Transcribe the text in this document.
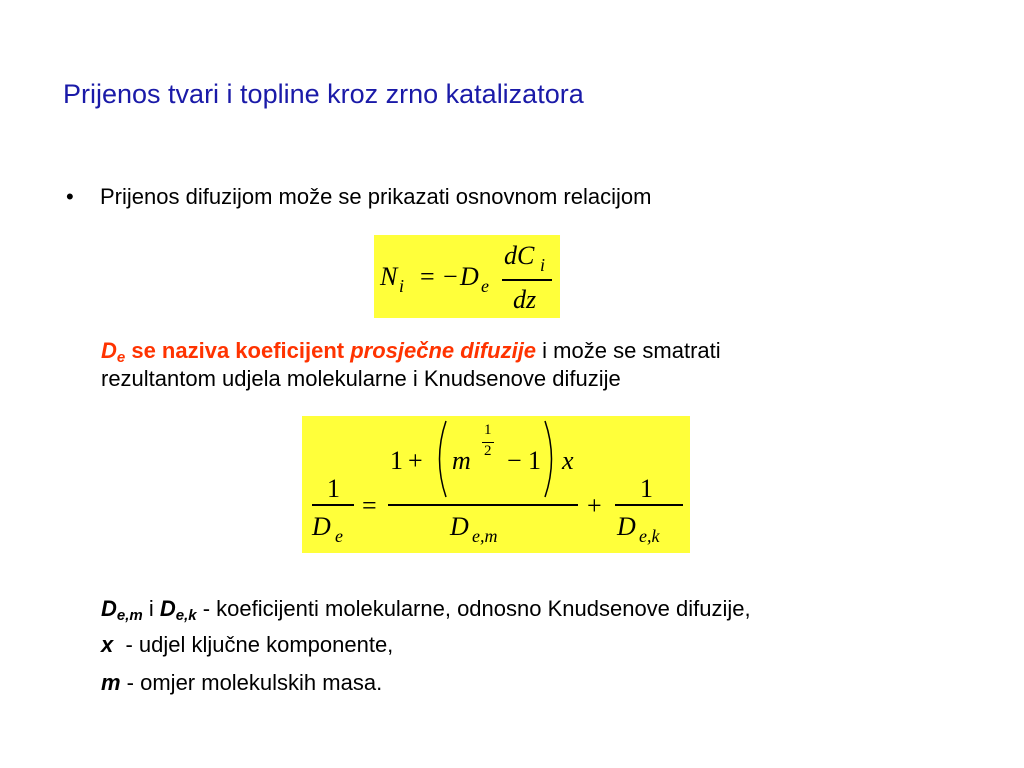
Prijenos tvari i topline kroz zrno katalizatora
• Prijenos difuzijom može se prikazati osnovnom relacijom
N i = − D e
dC i
dz
$D_e$ se naziva koeficijent prosječne difuzije i može se smatrati
rezultantom udjela molekularne i Knudsenove difuzije
1
D e
=
1 + m
1
2 − 1 x
D e,m
+
1
D e,k
$D_{e,m}$ i $D_{e,k}$ - koeficijenti molekularne, odnosno Knudsenove difuzije,
x  - udjel ključne komponente,
m - omjer molekulskih masa.
